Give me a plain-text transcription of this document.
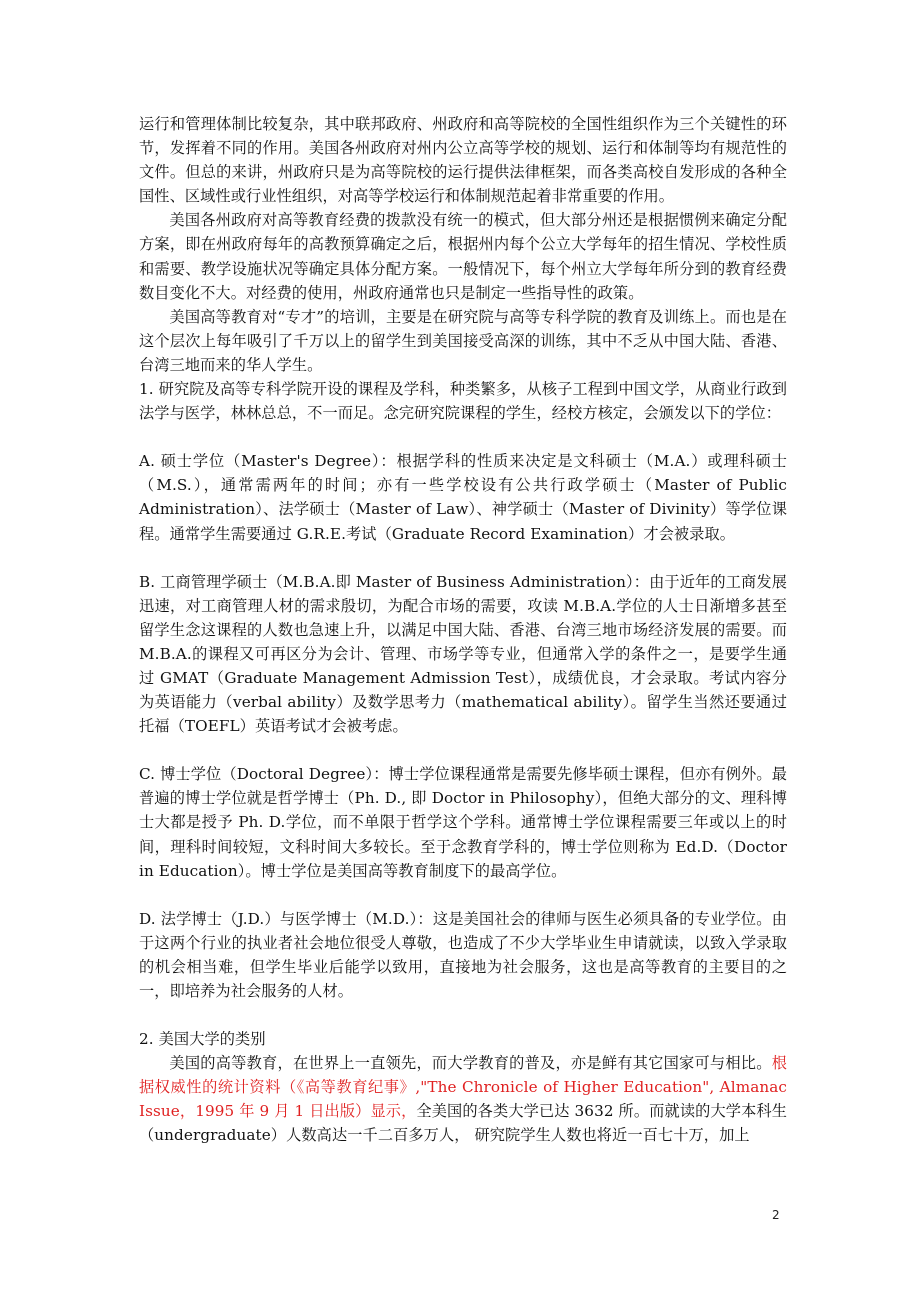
运行和管理体制比较复杂，其中联邦政府、州政府和高等院校的全国性组织作为三个关键性的环节，发挥着不同的作用。美国各州政府对州内公立高等学校的规划、运行和体制等均有规范性的文件。但总的来讲，州政府只是为高等院校的运行提供法律框架，而各类高校自发形成的各种全国性、区域性或行业性组织，对高等学校运行和体制规范起着非常重要的作用。

美国各州政府对高等教育经费的拨款没有统一的模式，但大部分州还是根据惯例来确定分配方案，即在州政府每年的高教预算确定之后，根据州内每个公立大学每年的招生情况、学校性质和需要、教学设施状况等确定具体分配方案。一般情况下，每个州立大学每年所分到的教育经费数目变化不大。对经费的使用，州政府通常也只是制定一些指导性的政策。

美国高等教育对“专才”的培训，主要是在研究院与高等专科学院的教育及训练上。而也是在这个层次上每年吸引了千万以上的留学生到美国接受高深的训练，其中不乏从中国大陆、香港、台湾三地而来的华人学生。

1. 研究院及高等专科学院开设的课程及学科，种类繁多，从核子工程到中国文学，从商业行政到法学与医学，林林总总，不一而足。念完研究院课程的学生，经校方核定，会颁发以下的学位：

A. 硕士学位（Master's Degree）：根据学科的性质来决定是文科硕士（M.A.）或理科硕士（M.S.），通常需两年的时间；亦有一些学校设有公共行政学硕士（Master of Public Administration）、法学硕士（Master of Law）、神学硕士（Master of Divinity）等学位课程。通常学生需要通过 G.R.E.考试（Graduate Record Examination）才会被录取。

B. 工商管理学硕士（M.B.A.即 Master of Business Administration）：由于近年的工商发展迅速，对工商管理人材的需求殷切，为配合市场的需要，攻读 M.B.A.学位的人士日渐增多甚至留学生念这课程的人数也急速上升，以满足中国大陆、香港、台湾三地市场经济发展的需要。而 M.B.A.的课程又可再区分为会计、管理、市场学等专业，但通常入学的条件之一，是要学生通过 GMAT（Graduate Management Admission Test），成绩优良，才会录取。考试内容分为英语能力（verbal ability）及数学思考力（mathematical ability）。留学生当然还要通过托福（TOEFL）英语考试才会被考虑。

C. 博士学位（Doctoral Degree）：博士学位课程通常是需要先修毕硕士课程，但亦有例外。最普遍的博士学位就是哲学博士（Ph. D., 即 Doctor in Philosophy），但绝大部分的文、理科博士大都是授予 Ph. D.学位，而不单限于哲学这个学科。通常博士学位课程需要三年或以上的时间，理科时间较短，文科时间大多较长。至于念教育学科的，博士学位则称为 Ed.D.（Doctor in Education）。博士学位是美国高等教育制度下的最高学位。

D. 法学博士（J.D.）与医学博士（M.D.）：这是美国社会的律师与医生必须具备的专业学位。由于这两个行业的执业者社会地位很受人尊敬，也造成了不少大学毕业生申请就读，以致入学录取的机会相当难，但学生毕业后能学以致用，直接地为社会服务，这也是高等教育的主要目的之一，即培养为社会服务的人材。

2. 美国大学的类别

美国的高等教育，在世界上一直领先，而大学教育的普及，亦是鲜有其它国家可与相比。根据权威性的统计资料（《高等教育纪事》,"The Chronicle of Higher Education", Almanac Issue，1995 年 9 月 1 日出版）显示，全美国的各类大学已达 3632 所。而就读的大学本科生（undergraduate）人数高达一千二百多万人， 研究院学生人数也将近一百七十万，加上

2
